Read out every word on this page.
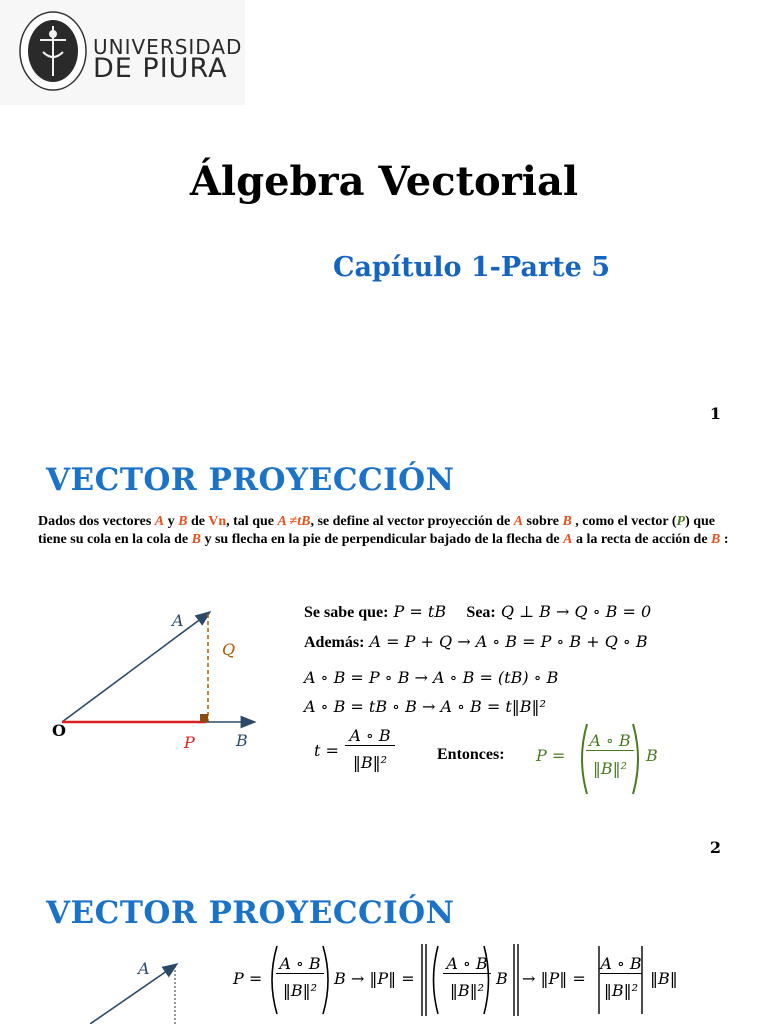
UNIVERSIDAD
DE PIURA
Álgebra Vectorial
Capítulo 1-Parte 5
1
VECTOR PROYECCIÓN
Dados dos vectores A y B de Vn, tal que A ≠tB, se define al vector proyección de A sobre B , como el vector (P) que tiene su cola en la cola de B y su flecha en la pie de perpendicular bajado de la flecha de A a la recta de acción de B :
A
Q
P	B
O
Se sabe que: P = tB Sea: Q ⊥ B → Q ∘ B = 0
Además: A = P + Q → A ∘ B = P ∘ B + Q ∘ B
A ∘ B = P ∘ B → A ∘ B = (tB) ∘ B
A ∘ B = tB ∘ B → A ∘ B = t‖B‖²
t =
A ∘ B
‖B‖²	Entonces: P =
A ∘ B
‖B‖²
B
2
VECTOR PROYECCIÓN
A
P =
A ∘ B
‖B‖²
B → ‖P‖ =
A ∘ B
‖B‖²
B → ‖P‖ =
A ∘ B
‖B‖²
‖B‖
